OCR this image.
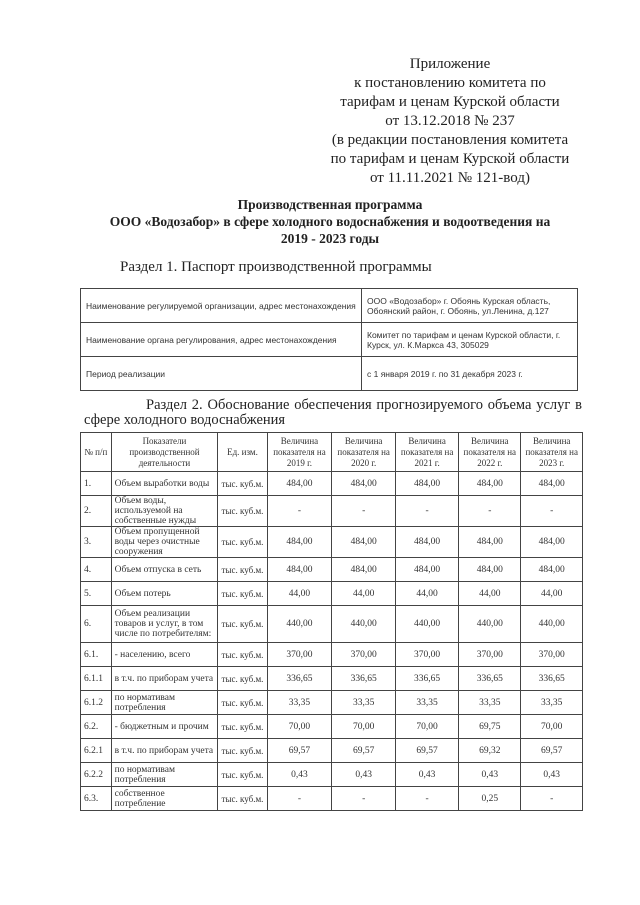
Приложение
к постановлению комитета по
тарифам и ценам Курской области
от 13.12.2018 № 237
(в редакции постановления комитета
по тарифам и ценам Курской области
от 11.11.2021 № 121-вод)
Производственная программа
ООО «Водозабор» в сфере холодного водоснабжения и водоотведения на
2019 - 2023 годы
Раздел 1. Паспорт производственной программы
Наименование регулируемой организации, адрес местонахождения	ООО «Водозабор» г. Обоянь Курская область, Обоянский район, г. Обоянь, ул.Ленина, д.127
Наименование органа регулирования, адрес местонахождения	Комитет по тарифам и ценам Курской области, г. Курск, ул. К.Маркса 43, 305029
Период реализации	с 1 января 2019 г. по 31 декабря 2023 г.
Раздел 2. Обоснование обеспечения прогнозируемого объема услуг в сфере холодного водоснабжения
№ п/п	Показатели производственной деятельности	Ед. изм.	Величина показателя на 2019 г.	Величина показателя на 2020 г.	Величина показателя на 2021 г.	Величина показателя на 2022 г.	Величина показателя на 2023 г.
1.	Объем выработки воды	тыс. куб.м.	484,00	484,00	484,00	484,00	484,00
2.	Объем воды, используемой на собственные нужды	тыс. куб.м.	-	-	-	-	-
3.	Объем пропущенной воды через очистные сооружения	тыс. куб.м.	484,00	484,00	484,00	484,00	484,00
4.	Объем отпуска в сеть	тыс. куб.м.	484,00	484,00	484,00	484,00	484,00
5.	Объем потерь	тыс. куб.м.	44,00	44,00	44,00	44,00	44,00
6.	Объем реализации товаров и услуг, в том числе по потребителям:	тыс. куб.м.	440,00	440,00	440,00	440,00	440,00
6.1.	- населению, всего	тыс. куб.м.	370,00	370,00	370,00	370,00	370,00
6.1.1	в т.ч. по приборам учета	тыс. куб.м.	336,65	336,65	336,65	336,65	336,65
6.1.2	по нормативам потребления	тыс. куб.м.	33,35	33,35	33,35	33,35	33,35
6.2.	- бюджетным и прочим	тыс. куб.м.	70,00	70,00	70,00	69,75	70,00
6.2.1	в т.ч. по приборам учета	тыс. куб.м.	69,57	69,57	69,57	69,32	69,57
6.2.2	по нормативам потребления	тыс. куб.м.	0,43	0,43	0,43	0,43	0,43
6.3.	собственное потребление	тыс. куб.м.	-	-	-	0,25	-
